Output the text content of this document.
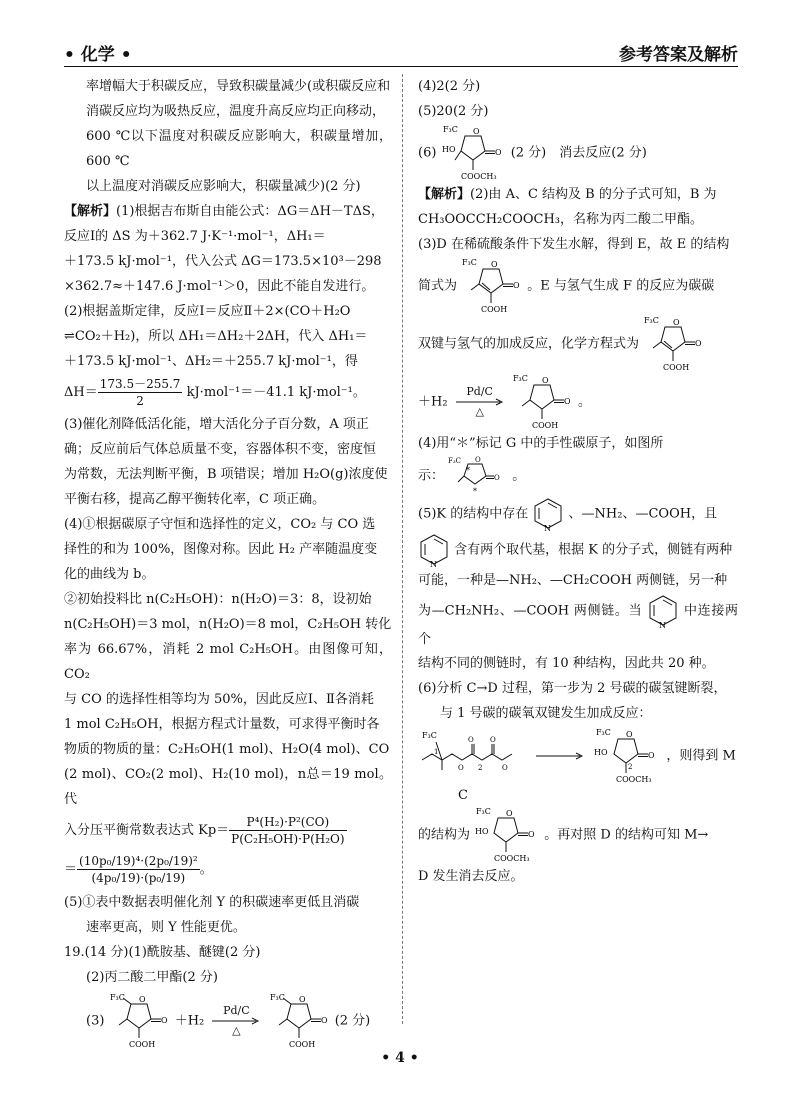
• 化学 •	参考答案及解析

率增幅大于积碳反应，导致积碳量减少(或积碳反应和

消碳反应均为吸热反应，温度升高反应均正向移动，

600 ℃以下温度对积碳反应影响大，积碳量增加，600 ℃

以上温度对消碳反应影响大，积碳量减少)(2 分)

【解析】(1)根据吉布斯自由能公式：ΔG＝ΔH－TΔS，

反应Ⅰ的 ΔS 为＋362.7 J·K⁻¹·mol⁻¹，ΔH₁＝

＋173.5 kJ·mol⁻¹，代入公式 ΔG＝173.5×10³－298

×362.7≈＋147.6 J·mol⁻¹＞0，因此不能自发进行。

(2)根据盖斯定律，反应Ⅰ＝反应Ⅱ＋2×(CO＋H₂O

⇌CO₂＋H₂)，所以 ΔH₁＝ΔH₂＋2ΔH，代入 ΔH₁＝

＋173.5 kJ·mol⁻¹、ΔH₂＝＋255.7 kJ·mol⁻¹，得

$\Delta H= \frac{173.5-255.7}{2} kJ\cdot mol^{-1}=-41.1$ kJ·mol⁻¹。

(3)催化剂降低活化能，增大活化分子百分数，A 项正

确；反应前后气体总质量不变，容器体积不变，密度恒

为常数，无法判断平衡，B 项错误；增加 H₂O(g)浓度使

平衡右移，提高乙醇平衡转化率，C 项正确。

(4)①根据碳原子守恒和选择性的定义，CO₂ 与 CO 选

择性的和为 100%，图像对称。因此 H₂ 产率随温度变

化的曲线为 b。

②初始投料比 n(C₂H₅OH)：n(H₂O)＝3：8，设初始

n(C₂H₅OH)＝3 mol，n(H₂O)＝8 mol，C₂H₅OH 转化

率为 66.67%，消耗 2 mol C₂H₅OH。由图像可知，CO₂

与 CO 的选择性相等均为 50%，因此反应Ⅰ、Ⅱ各消耗

1 mol C₂H₅OH，根据方程式计量数，可求得平衡时各

物质的物质的量：C₂H₅OH(1 mol)、H₂O(4 mol)、CO

(2 mol)、CO₂(2 mol)、H₂(10 mol)，n总＝19 mol。代

入分压平衡常数表达式 $Kp= \frac{\text{P⁴(H₂)·P²(CO)}}{\text{P(C₂H₅OH)·P(H₂O)}}$

＝ $\frac{\text{(10p₀/19)⁴·(2p₀/19)²}}{\text{(4p₀/19)·(p₀/19)}}$ 。

(5)①表中数据表明催化剂 Y 的积碳速率更低且消碳

速率更高，则 Y 性能更优。

19.(14 分)(1)酰胺基、醚键(2 分)

(2)丙二酸二甲酯(2 分)

(3)
F₃C O
O
COOH
＋H₂ Pd/C
△
F₃C O
O
COOH
(2 分)

(4)2(2 分)

(5)20(2 分)

(6)
F₃C
HO
O
O
COOCH₃
(2 分)　消去反应(2 分)

【解析】(2)由 A、C 结构及 B 的分子式可知，B 为

CH₃OOCCH₂COOCH₃，名称为丙二酸二甲酯。

(3)D 在稀硫酸条件下发生水解，得到 E，故 E 的结构

简式为
F₃C O
O
COOH
。E 与氢气生成 F 的反应为碳碳

双键与氢气的加成反应，化学方程式为
F₃C O
O
COOH

＋H₂ Pd/C
△
F₃C O
O
COOH
。

(4)用“＊”标记 G 中的手性碳原子，如图所

示：
F₃C O
O
*
*
。

(5)K 的结构中存在
N
、—NH₂、—COOH，且

N
含有两个取代基，根据 K 的分子式，侧链有两种

可能，一种是—NH₂、—CH₂COOH 两侧链，另一种

为—CH₂NH₂、—COOH 两侧链。当
N
中连接两个

结构不同的侧链时，有 10 种结构，因此共 20 种。

(6)分析 C→D 过程，第一步为 2 号碳的碳氢键断裂，

与 1 号碳的碳氧双键发生加成反应：

F₃C
1
2
O O
O	O

F₃C
HO
O
O
2
COOCH₃
，则得到 M

C

的结构为
F₃C
HO
O
O
COOCH₃
。再对照 D 的结构可知 M→

D 发生消去反应。

• 4 •
